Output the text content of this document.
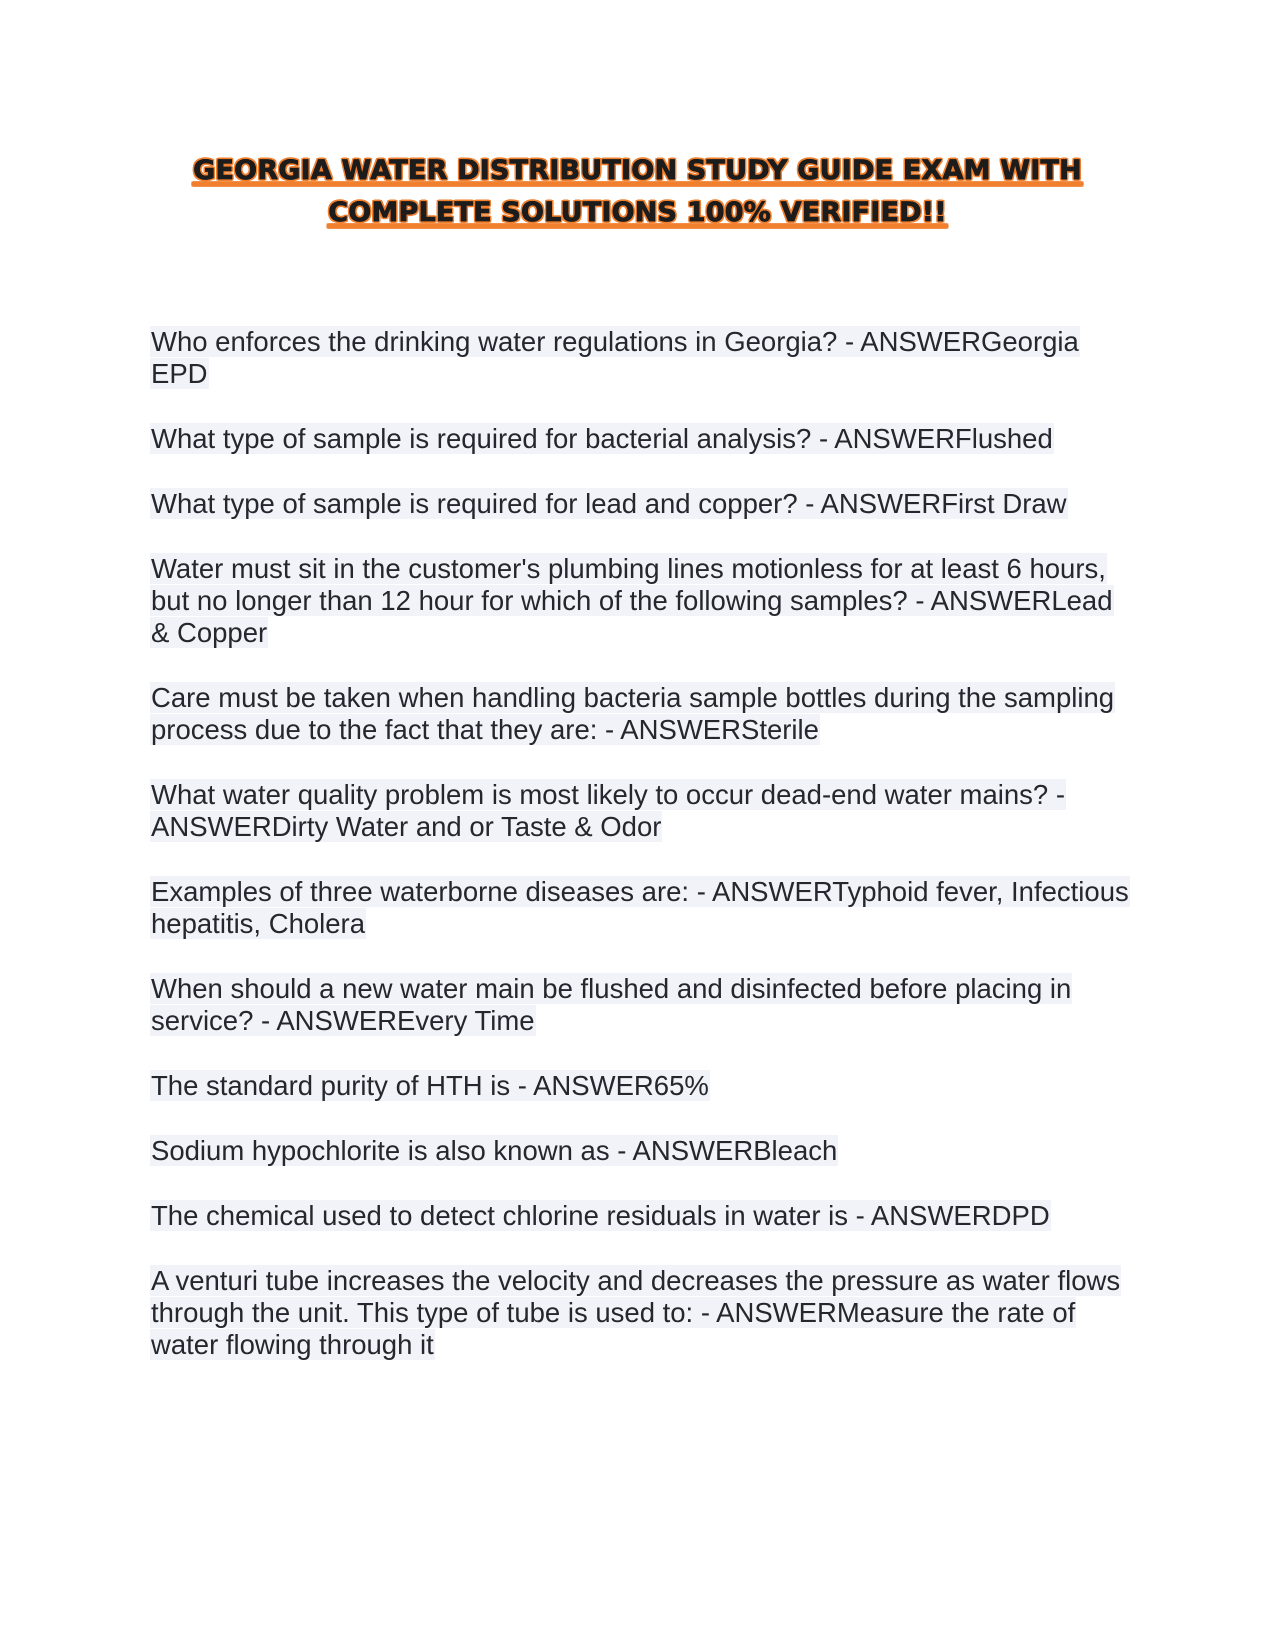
GEORGIA WATER DISTRIBUTION STUDY GUIDE EXAM WITH
COMPLETE SOLUTIONS 100% VERIFIED!!

Who enforces the drinking water regulations in Georgia? - ANSWERGeorgia EPD

What type of sample is required for bacterial analysis? - ANSWERFlushed

What type of sample is required for lead and copper? - ANSWERFirst Draw

Water must sit in the customer's plumbing lines motionless for at least 6 hours, but no longer than 12 hour for which of the following samples? - ANSWERLead & Copper

Care must be taken when handling bacteria sample bottles during the sampling process due to the fact that they are: - ANSWERSterile

What water quality problem is most likely to occur dead-end water mains? - ANSWERDirty Water and or Taste & Odor

Examples of three waterborne diseases are: - ANSWERTyphoid fever, Infectious hepatitis, Cholera

When should a new water main be flushed and disinfected before placing in service? - ANSWEREvery Time

The standard purity of HTH is - ANSWER65%

Sodium hypochlorite is also known as - ANSWERBleach

The chemical used to detect chlorine residuals in water is - ANSWERDPD

A venturi tube increases the velocity and decreases the pressure as water flows through the unit. This type of tube is used to: - ANSWERMeasure the rate of water flowing through it
